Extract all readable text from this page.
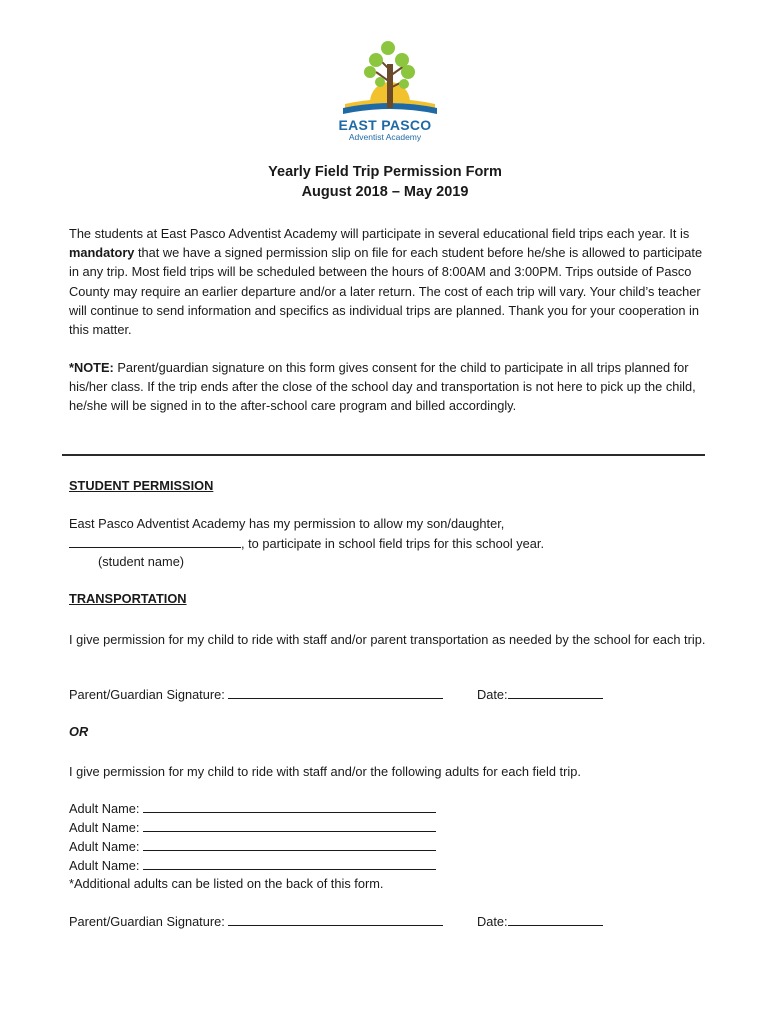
EAST PASCO
Adventist Academy
Yearly Field Trip Permission Form
August 2018 – May 2019
The students at East Pasco Adventist Academy will participate in several educational field trips each year. It is mandatory that we have a signed permission slip on file for each student before he/she is allowed to participate in any trip. Most field trips will be scheduled between the hours of 8:00AM and 3:00PM. Trips outside of Pasco County may require an earlier departure and/or a later return. The cost of each trip will vary. Your child’s teacher will continue to send information and specifics as individual trips are planned. Thank you for your cooperation in this matter.
*NOTE: Parent/guardian signature on this form gives consent for the child to participate in all trips planned for his/her class. If the trip ends after the close of the school day and transportation is not here to pick up the child, he/she will be signed in to the after-school care program and billed accordingly.
STUDENT PERMISSION
East Pasco Adventist Academy has my permission to allow my son/daughter,
, to participate in school field trips for this school year.
(student name)
TRANSPORTATION
I give permission for my child to ride with staff and/or parent transportation as needed by the school for each trip.
Parent/Guardian Signature:	Date:
OR
I give permission for my child to ride with staff and/or the following adults for each field trip.
Adult Name:
Adult Name:
Adult Name:
Adult Name:
*Additional adults can be listed on the back of this form.
Parent/Guardian Signature:	Date:
